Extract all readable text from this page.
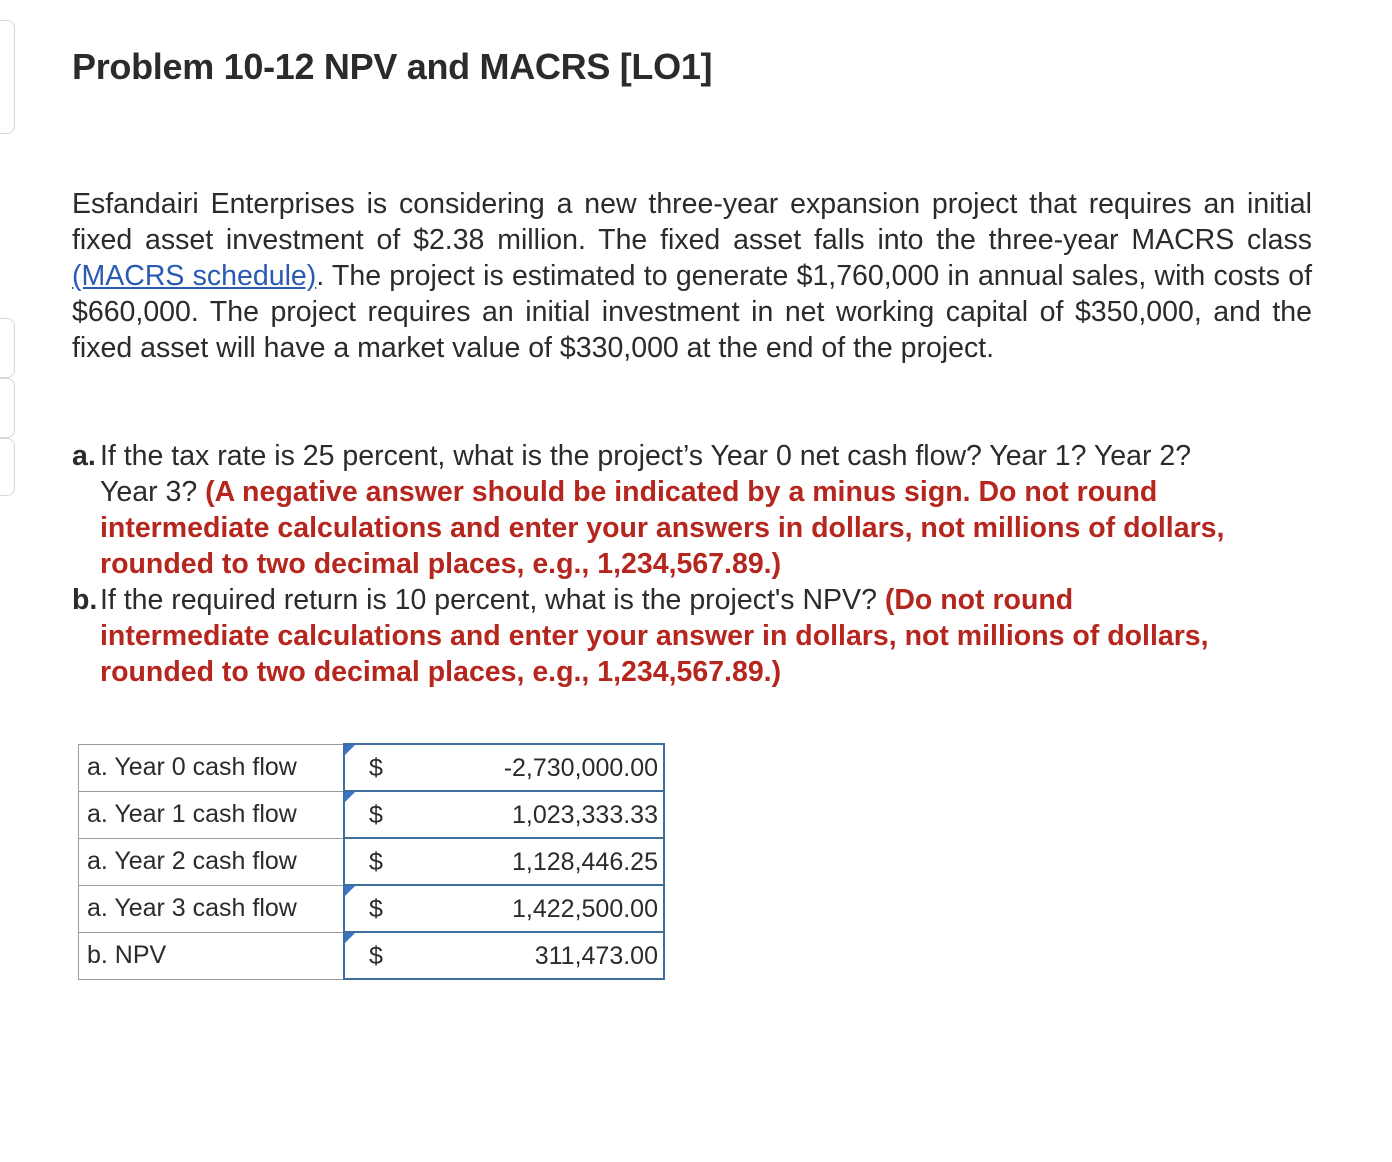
Problem 10-12 NPV and MACRS [LO1]

Esfandairi Enterprises is considering a new three-year expansion project that requires an initial fixed asset investment of $2.38 million. The fixed asset falls into the three-year MACRS class (MACRS schedule). The project is estimated to generate $1,760,000 in annual sales, with costs of $660,000. The project requires an initial investment in net working capital of $350,000, and the fixed asset will have a market value of $330,000 at the end of the project.

a. If the tax rate is 25 percent, what is the project’s Year 0 net cash flow? Year 1? Year 2?
Year 3? (A negative answer should be indicated by a minus sign. Do not round
intermediate calculations and enter your answers in dollars, not millions of dollars,
rounded to two decimal places, e.g., 1,234,567.89.)
b.If the required return is 10 percent, what is the project's NPV? (Do not round
intermediate calculations and enter your answer in dollars, not millions of dollars,
rounded to two decimal places, e.g., 1,234,567.89.)
a. Year 0 cash flow	$ -2,730,000.00

a. Year 1 cash flow	$ 1,023,333.33

a. Year 2 cash flow	$ 1,128,446.25

a. Year 3 cash flow	$ 1,422,500.00

b. NPV	$ 311,473.00
